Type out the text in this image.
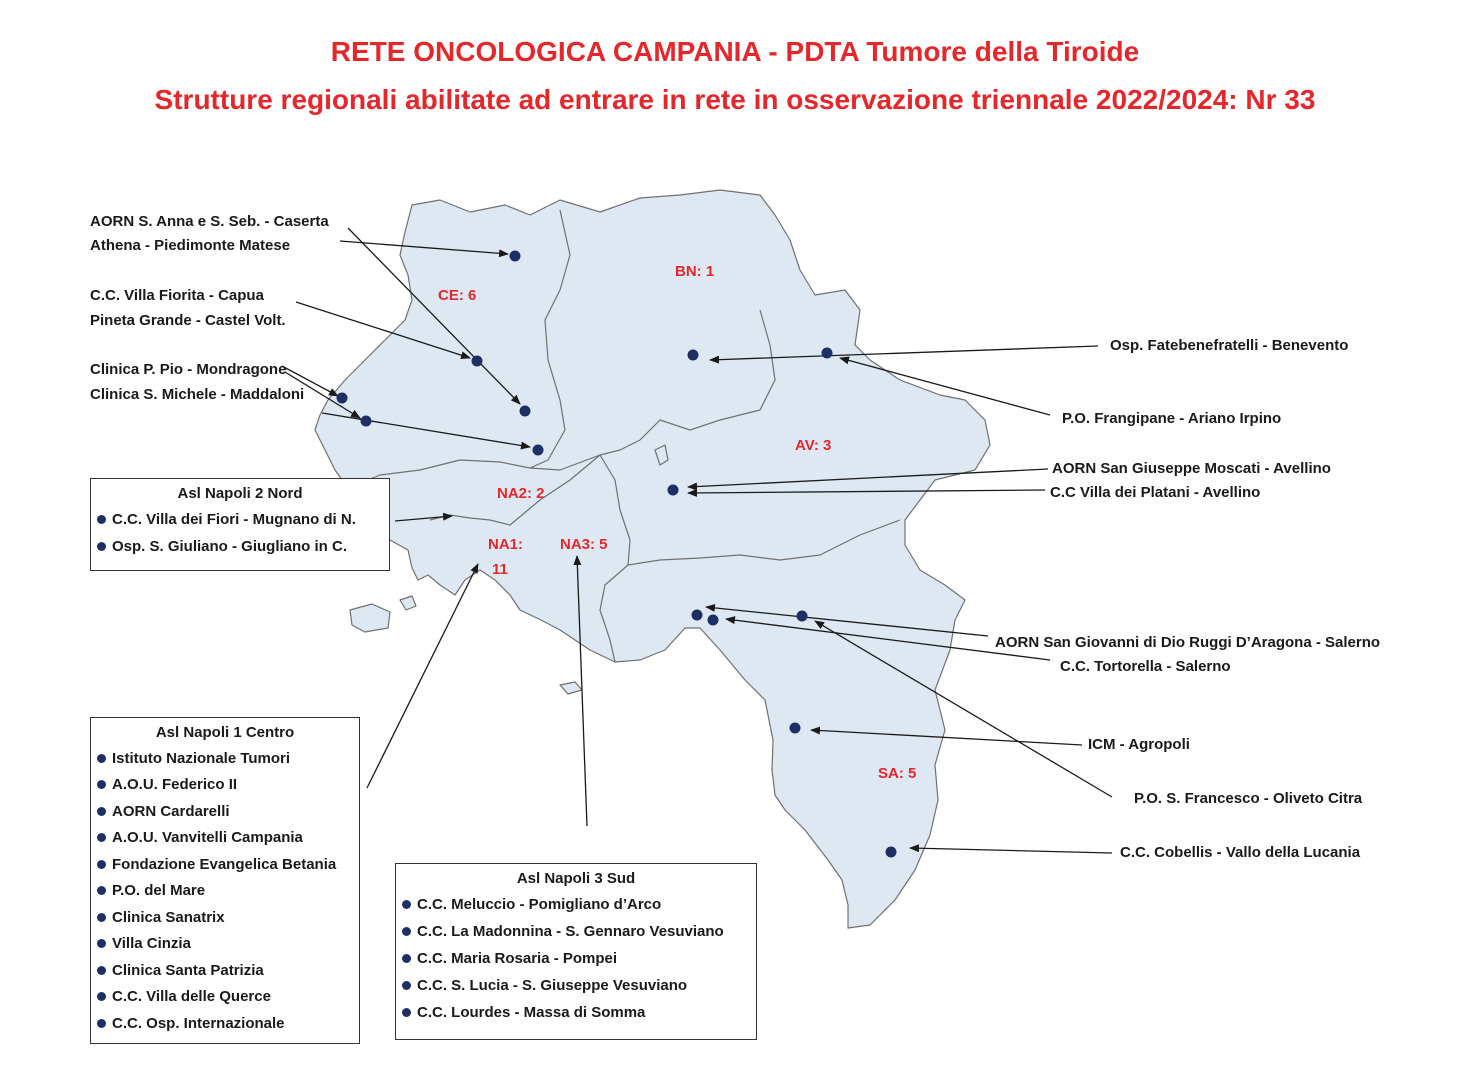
RETE ONCOLOGICA CAMPANIA - PDTA Tumore della Tiroide
Strutture regionali abilitate ad entrare in rete in osservazione triennale 2022/2024: Nr 33
CE: 6
BN: 1
AV: 3
NA2: 2
NA1:
11
NA3: 5
SA: 5
AORN S. Anna e S. Seb. - Caserta
Athena - Piedimonte Matese
C.C. Villa Fiorita - Capua
Pineta Grande - Castel Volt.
Clinica P. Pio - Mondragone
Clinica S. Michele - Maddaloni
Osp. Fatebenefratelli - Benevento
P.O. Frangipane - Ariano Irpino
AORN San Giuseppe Moscati - Avellino
C.C Villa dei Platani - Avellino
AORN San Giovanni di Dio Ruggi D’Aragona - Salerno
C.C. Tortorella - Salerno
ICM - Agropoli
P.O. S. Francesco - Oliveto Citra
C.C. Cobellis - Vallo della Lucania
Asl Napoli 2 Nord
C.C. Villa dei Fiori - Mugnano di N.
Osp. S. Giuliano - Giugliano in C.
Asl Napoli 1 Centro
Istituto Nazionale Tumori
A.O.U. Federico II
AORN Cardarelli
A.O.U. Vanvitelli Campania
Fondazione Evangelica Betania
P.O. del Mare
Clinica Sanatrix
Villa Cinzia
Clinica Santa Patrizia
C.C. Villa delle Querce
C.C. Osp. Internazionale
Asl Napoli 3 Sud
C.C. Meluccio - Pomigliano d’Arco
C.C. La Madonnina - S. Gennaro Vesuviano
C.C. Maria Rosaria - Pompei
C.C. S. Lucia - S. Giuseppe Vesuviano
C.C. Lourdes - Massa di Somma
